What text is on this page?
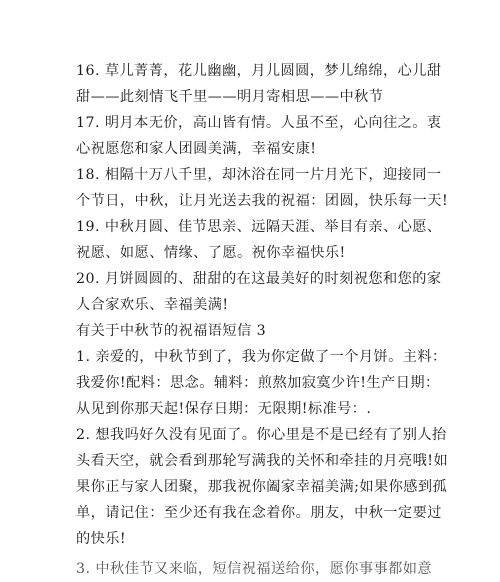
16. 草儿菁菁，花儿幽幽，月儿圆圆，梦儿绵绵，心儿甜
甜——此刻情飞千里——明月寄相思——中秋节
17. 明月本无价，高山皆有情。人虽不至，心向往之。衷
心祝愿您和家人团圆美满，幸福安康!
18. 相隔十万八千里，却沐浴在同一片月光下，迎接同一
个节日，中秋，让月光送去我的祝福：团圆，快乐每一天!
19. 中秋月圆、佳节思亲、远隔天涯、举目有亲、心愿、
祝愿、如愿、情缘、了愿。祝你幸福快乐!
20. 月饼圆圆的、甜甜的在这最美好的时刻祝您和您的家
人合家欢乐、幸福美满!
有关于中秋节的祝福语短信 3
1. 亲爱的，中秋节到了，我为你定做了一个月饼。主料：
我爱你!配料：思念。辅料：煎熬加寂寞少许!生产日期：
从见到你那天起!保存日期：无限期!标准号：.
2. 想我吗好久没有见面了。你心里是不是已经有了别人抬
头看天空，就会看到那轮写满我的关怀和牵挂的月亮哦!如
果你正与家人团聚，那我祝你阖家幸福美满;如果你感到孤
单，请记住：至少还有我在念着你。朋友，中秋一定要过
的快乐!
3. 中秋佳节又来临，短信祝福送给你，愿你事事都如意
